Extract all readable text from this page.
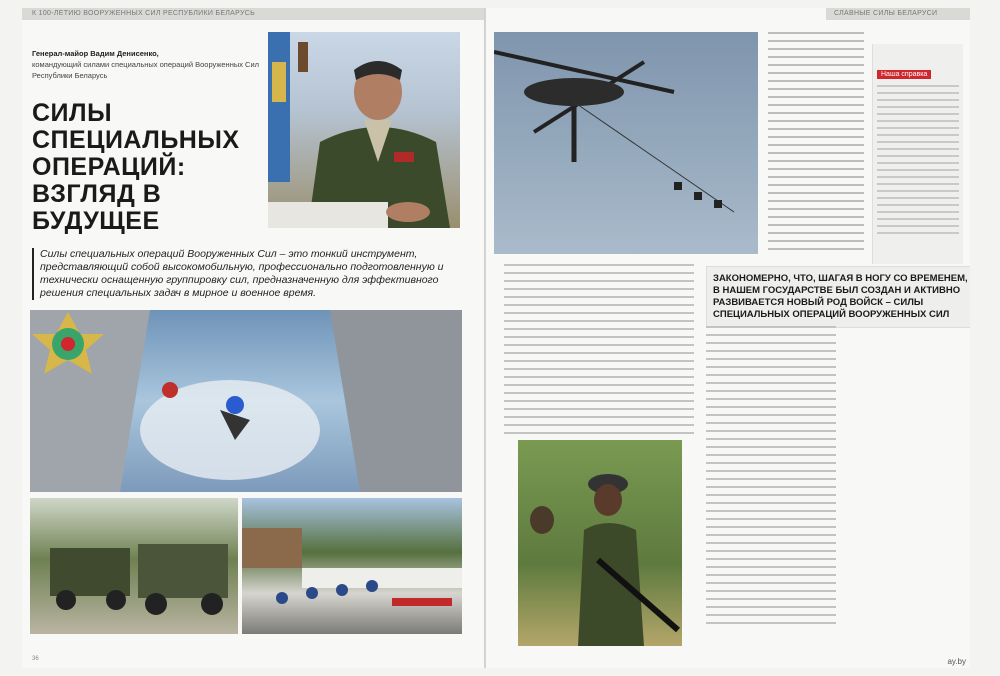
К 100-ЛЕТИЮ ВООРУЖЕННЫХ СИЛ РЕСПУБЛИКИ БЕЛАРУСЬ
Генерал-майор Вадим Денисенко,
командующий силами специальных операций Вооруженных Сил Республики Беларусь
СИЛЫ СПЕЦИАЛЬНЫХ ОПЕРАЦИЙ: ВЗГЛЯД В БУДУЩЕЕ
Силы специальных операций Вооруженных Сил – это тонкий инструмент, представляющий собой высокомобильную, профессионально подготовленную и технически оснащенную группировку сил, предназначенную для эффективного решения специальных задач в мирное и военное время.
36
СЛАВНЫЕ СИЛЫ БЕЛАРУСИ
Наша справка
ЗАКОНОМЕРНО, ЧТО, ШАГАЯ В НОГУ СО ВРЕМЕНЕМ, В НАШЕМ ГОСУДАРСТВЕ БЫЛ СОЗДАН И АКТИВНО РАЗВИВАЕТСЯ НОВЫЙ РОД ВОЙСК – СИЛЫ СПЕЦИАЛЬНЫХ ОПЕРАЦИЙ ВООРУЖЕННЫХ СИЛ
ay.by
